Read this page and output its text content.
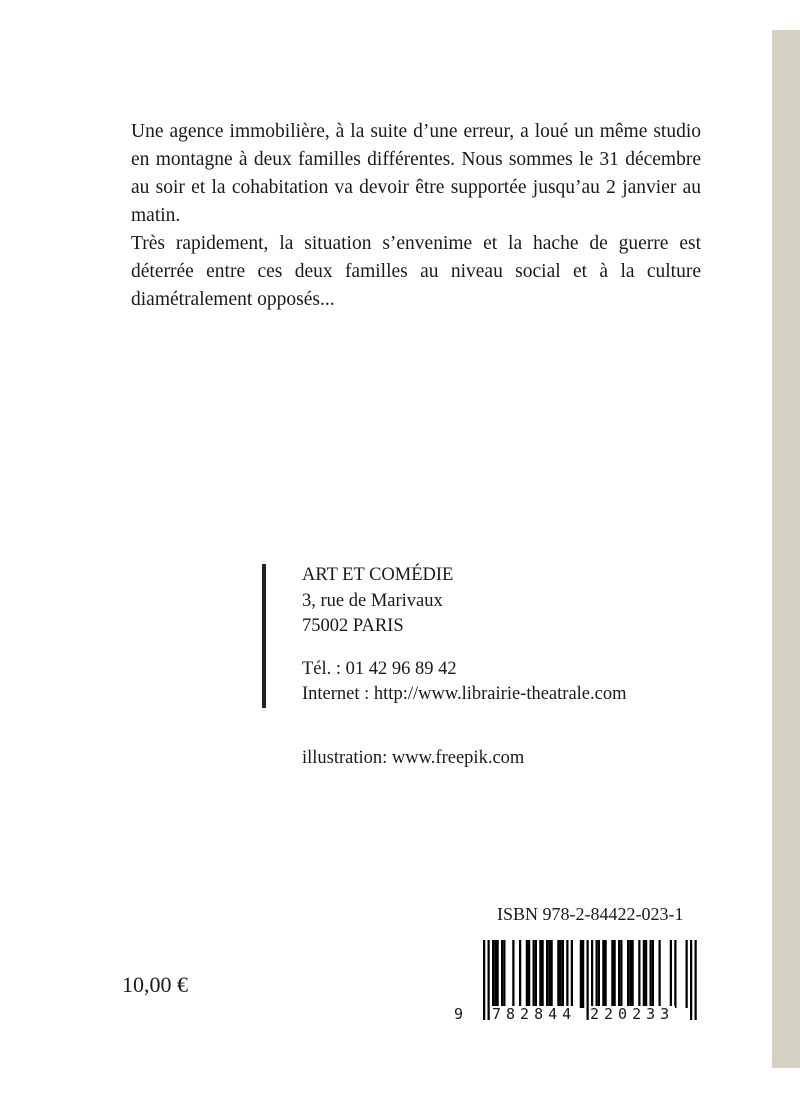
Une agence immobilière, à la suite d’une erreur, a loué un même studio en montagne à deux familles différentes. Nous sommes le 31 décembre au soir et la cohabitation va devoir être supportée jusqu’au 2 janvier au matin.

Très rapidement, la situation s’envenime et la hache de guerre est déterrée entre ces deux familles au niveau social et à la culture diamétralement opposés...

ART ET COMÉDIE
3, rue de Marivaux
75002 PARIS
Tél. : 01 42 96 89 42
Internet : http://www.librairie-theatrale.com
illustration: www.freepik.com
ISBN 978-2-84422-023-1
10,00 €
9 782844 220233
